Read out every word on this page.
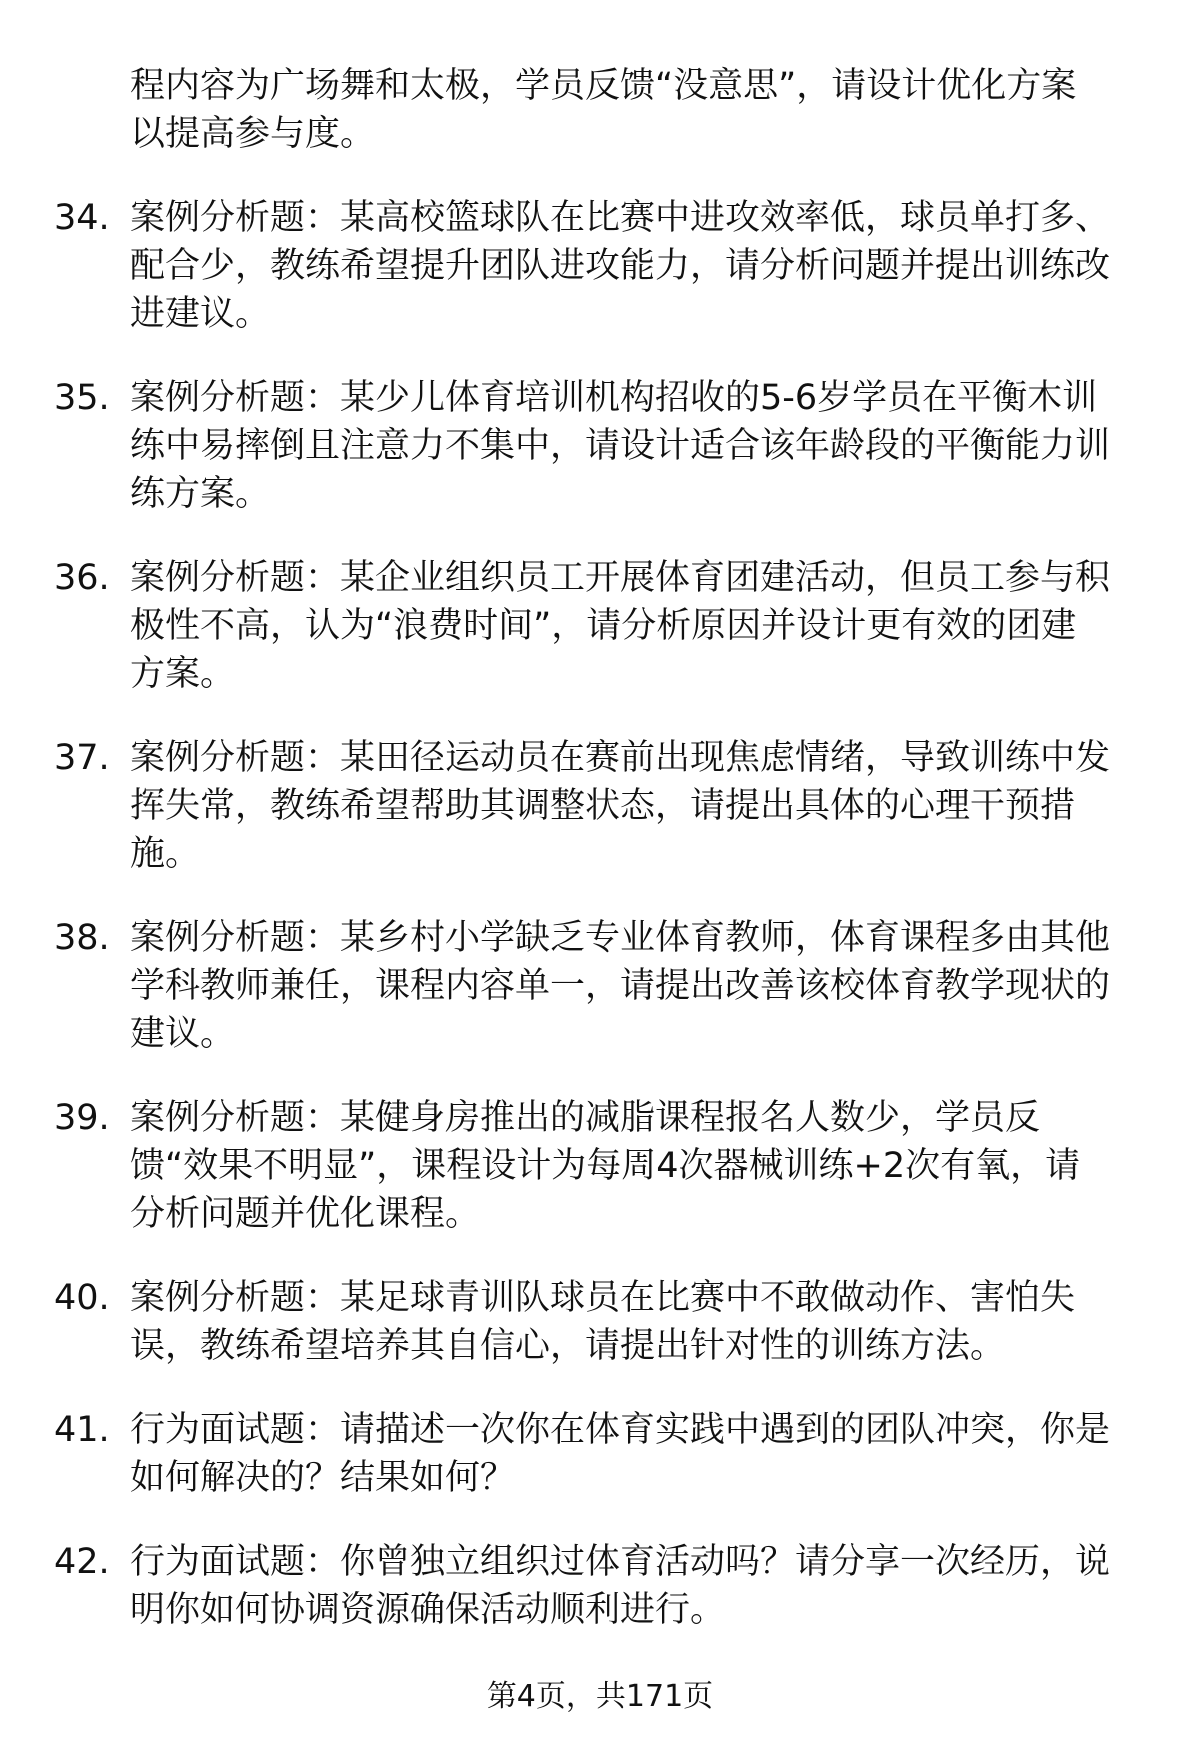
程内容为广场舞和太极，学员反馈“没意思”，请设计优化方案
以提高参与度。
34. 案例分析题：某高校篮球队在比赛中进攻效率低，球员单打多、
配合少，教练希望提升团队进攻能力，请分析问题并提出训练改
进建议。
35. 案例分析题：某少儿体育培训机构招收的5-6岁学员在平衡木训
练中易摔倒且注意力不集中，请设计适合该年龄段的平衡能力训
练方案。
36. 案例分析题：某企业组织员工开展体育团建活动，但员工参与积
极性不高，认为“浪费时间”，请分析原因并设计更有效的团建
方案。
37. 案例分析题：某田径运动员在赛前出现焦虑情绪，导致训练中发
挥失常，教练希望帮助其调整状态，请提出具体的心理干预措
施。
38. 案例分析题：某乡村小学缺乏专业体育教师，体育课程多由其他
学科教师兼任，课程内容单一，请提出改善该校体育教学现状的
建议。
39. 案例分析题：某健身房推出的减脂课程报名人数少，学员反
馈“效果不明显”，课程设计为每周4次器械训练+2次有氧，请
分析问题并优化课程。
40. 案例分析题：某足球青训队球员在比赛中不敢做动作、害怕失
误，教练希望培养其自信心，请提出针对性的训练方法。
41. 行为面试题：请描述一次你在体育实践中遇到的团队冲突，你是
如何解决的？结果如何？
42. 行为面试题：你曾独立组织过体育活动吗？请分享一次经历，说
明你如何协调资源确保活动顺利进行。
第4页，共171页
